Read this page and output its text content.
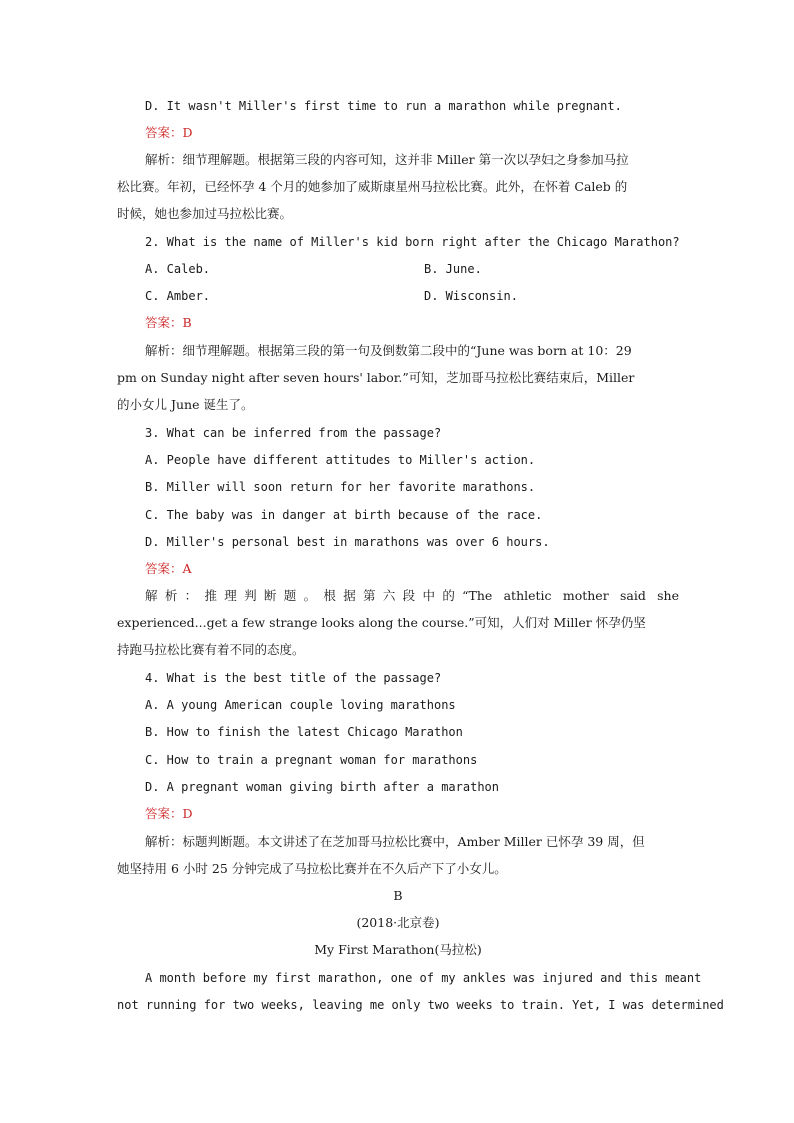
D. It wasn't Miller's first time to run a marathon while pregnant.
答案：D
解析：细节理解题。根据第三段的内容可知，这并非 Miller 第一次以孕妇之身参加马拉
松比赛。年初，已经怀孕 4 个月的她参加了威斯康星州马拉松比赛。此外，在怀着 Caleb 的
时候，她也参加过马拉松比赛。
2. What is the name of Miller's kid born right after the Chicago Marathon?
A. Caleb.	B. June.
C. Amber.	D. Wisconsin.
答案：B
解析：细节理解题。根据第三段的第一句及倒数第二段中的“June was born at 10：29
pm on Sunday night after seven hours' labor.”可知，芝加哥马拉松比赛结束后，Miller
的小女儿 June 诞生了。
3. What can be inferred from the passage?
A. People have different attitudes to Miller's action.
B. Miller will soon return for her favorite marathons.
C. The baby was in danger at birth because of the race.
D. Miller's personal best in marathons was over 6 hours.
答案：A
解析：推理判断题。根据第六段中的“The athletic mother said she
experienced...get a few strange looks along the course.”可知，人们对 Miller 怀孕仍坚
持跑马拉松比赛有着不同的态度。
4. What is the best title of the passage?
A. A young American couple loving marathons
B. How to finish the latest Chicago Marathon
C. How to train a pregnant woman for marathons
D. A pregnant woman giving birth after a marathon
答案：D
解析：标题判断题。本文讲述了在芝加哥马拉松比赛中，Amber Miller 已怀孕 39 周，但
她坚持用 6 小时 25 分钟完成了马拉松比赛并在不久后产下了小女儿。
B
(2018·北京卷)
My First Marathon(马拉松)
A month before my first marathon, one of my ankles was injured and this meant
not running for two weeks, leaving me only two weeks to train. Yet, I was determined
